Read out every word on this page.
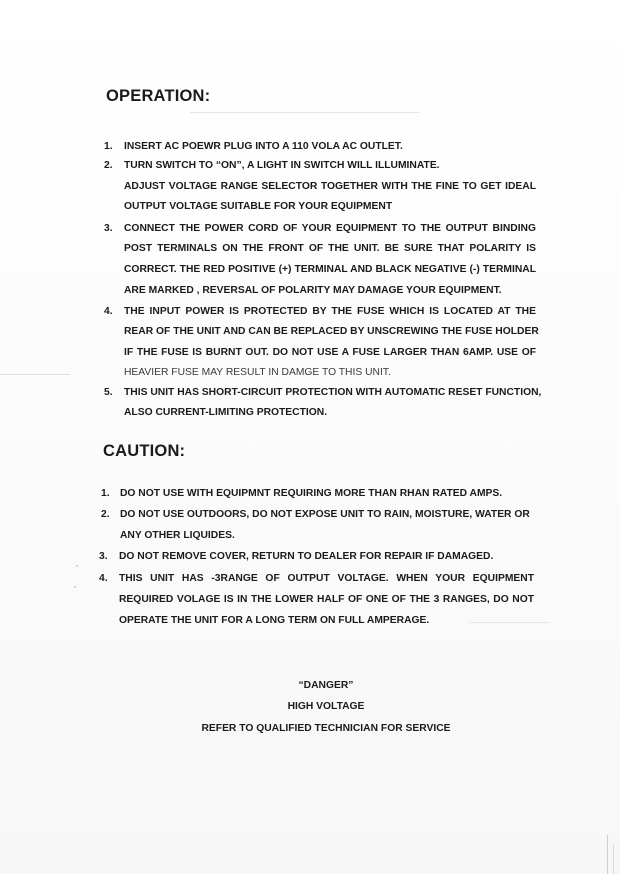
OPERATION:
1.	INSERT AC POEWR PLUG INTO A 110 VOLA AC OUTLET.
2.	TURN SWITCH TO “ON”, A LIGHT IN SWITCH WILL ILLUMINATE.
ADJUST VOLTAGE RANGE SELECTOR TOGETHER WITH THE FINE TO GET IDEAL
OUTPUT VOLTAGE SUITABLE FOR YOUR EQUIPMENT
3.	CONNECT THE POWER CORD OF YOUR EQUIPMENT TO THE OUTPUT BINDING
POST TERMINALS ON THE FRONT OF THE UNIT. BE SURE THAT POLARITY IS
CORRECT. THE RED POSITIVE (+) TERMINAL AND BLACK NEGATIVE (-) TERMINAL
ARE MARKED , REVERSAL OF POLARITY MAY DAMAGE YOUR EQUIPMENT.
4.	THE INPUT POWER IS PROTECTED BY THE FUSE WHICH IS LOCATED AT THE
REAR OF THE UNIT AND CAN BE REPLACED BY UNSCREWING THE FUSE HOLDER
IF THE FUSE IS BURNT OUT. DO NOT USE A FUSE LARGER THAN 6AMP. USE OF
HEAVIER FUSE MAY RESULT IN DAMGE TO THIS UNIT.
5.	THIS UNIT HAS SHORT-CIRCUIT PROTECTION WITH AUTOMATIC RESET FUNCTION,
ALSO CURRENT-LIMITING PROTECTION.
CAUTION:
1.	DO NOT USE WITH EQUIPMNT REQUIRING MORE THAN RHAN RATED AMPS.
2.	DO NOT USE OUTDOORS, DO NOT EXPOSE UNIT TO RAIN, MOISTURE, WATER OR
ANY OTHER LIQUIDES.
3.	DO NOT REMOVE COVER, RETURN TO DEALER FOR REPAIR IF DAMAGED.
4.	THIS UNIT HAS -3RANGE OF OUTPUT VOLTAGE. WHEN YOUR EQUIPMENT
REQUIRED VOLAGE IS IN THE LOWER HALF OF ONE OF THE 3 RANGES, DO NOT
OPERATE THE UNIT FOR A LONG TERM ON FULL AMPERAGE.
“DANGER”
HIGH VOLTAGE
REFER TO QUALIFIED TECHNICIAN FOR SERVICE
